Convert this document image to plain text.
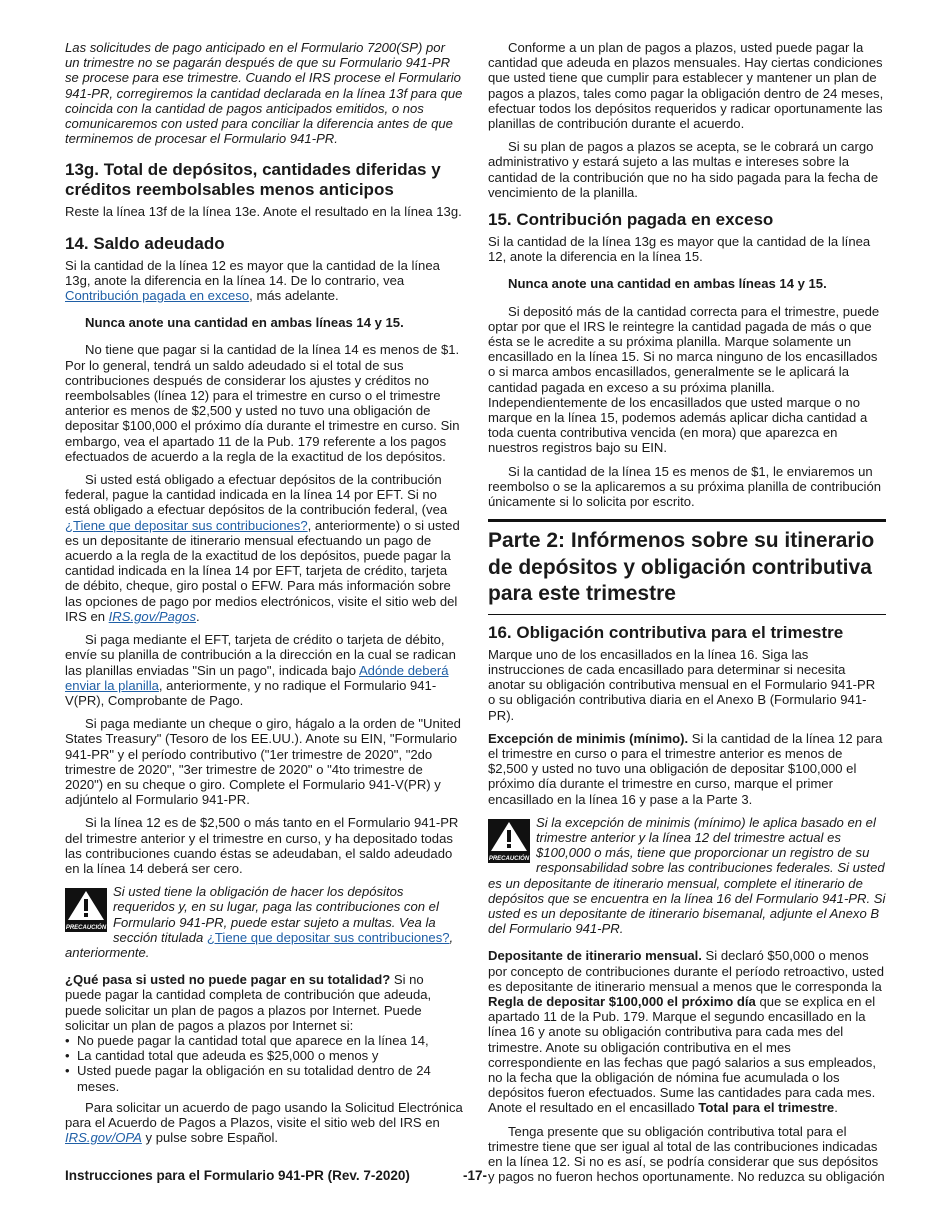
Las solicitudes de pago anticipado en el Formulario 7200(SP) por un trimestre no se pagarán después de que su Formulario 941-PR se procese para ese trimestre. Cuando el IRS procese el Formulario 941-PR, corregiremos la cantidad declarada en la línea 13f para que coincida con la cantidad de pagos anticipados emitidos, o nos comunicaremos con usted para conciliar la diferencia antes de que terminemos de procesar el Formulario 941-PR.

13g. Total de depósitos, cantidades diferidas y créditos reembolsables menos anticipos

Reste la línea 13f de la línea 13e. Anote el resultado en la línea 13g.

14. Saldo adeudado

Si la cantidad de la línea 12 es mayor que la cantidad de la línea 13g, anote la diferencia en la línea 14. De lo contrario, vea Contribución pagada en exceso, más adelante.

Nunca anote una cantidad en ambas líneas 14 y 15.

No tiene que pagar si la cantidad de la línea 14 es menos de $1. Por lo general, tendrá un saldo adeudado si el total de sus contribuciones después de considerar los ajustes y créditos no reembolsables (línea 12) para el trimestre en curso o el trimestre anterior es menos de $2,500 y usted no tuvo una obligación de depositar $100,000 el próximo día durante el trimestre en curso. Sin embargo, vea el apartado 11 de la Pub. 179 referente a los pagos efectuados de acuerdo a la regla de la exactitud de los depósitos.

Si usted está obligado a efectuar depósitos de la contribución federal, pague la cantidad indicada en la línea 14 por EFT. Si no está obligado a efectuar depósitos de la contribución federal, (vea ¿Tiene que depositar sus contribuciones?, anteriormente) o si usted es un depositante de itinerario mensual efectuando un pago de acuerdo a la regla de la exactitud de los depósitos, puede pagar la cantidad indicada en la línea 14 por EFT, tarjeta de crédito, tarjeta de débito, cheque, giro postal o EFW. Para más información sobre las opciones de pago por medios electrónicos, visite el sitio web del IRS en IRS.gov/Pagos.

Si paga mediante el EFT, tarjeta de crédito o tarjeta de débito, envíe su planilla de contribución a la dirección en la cual se radican las planillas enviadas "Sin un pago", indicada bajo Adónde deberá enviar la planilla, anteriormente, y no radique el Formulario 941-V(PR), Comprobante de Pago.

Si paga mediante un cheque o giro, hágalo a la orden de "United States Treasury" (Tesoro de los EE.UU.). Anote su EIN, "Formulario 941-PR" y el período contributivo ("1er trimestre de 2020", "2do trimestre de 2020", "3er trimestre de 2020" o "4to trimestre de 2020") en su cheque o giro. Complete el Formulario 941-V(PR) y adjúntelo al Formulario 941-PR.

Si la línea 12 es de $2,500 o más tanto en el Formulario 941-PR del trimestre anterior y el trimestre en curso, y ha depositado todas las contribuciones cuando éstas se adeudaban, el saldo adeudado en la línea 14 deberá ser cero.

PRECAUCIÓN
Si usted tiene la obligación de hacer los depósitos requeridos y, en su lugar, paga las contribuciones con el Formulario 941-PR, puede estar sujeto a multas. Vea la sección titulada ¿Tiene que depositar sus contribuciones?, anteriormente.

¿Qué pasa si usted no puede pagar en su totalidad? Si no puede pagar la cantidad completa de contribución que adeuda, puede solicitar un plan de pagos a plazos por Internet. Puede solicitar un plan de pagos a plazos por Internet si:

• No puede pagar la cantidad total que aparece en la línea 14,
• La cantidad total que adeuda es $25,000 o menos y
• Usted puede pagar la obligación en su totalidad dentro de 24 meses.

Para solicitar un acuerdo de pago usando la Solicitud Electrónica para el Acuerdo de Pagos a Plazos, visite el sitio web del IRS en IRS.gov/OPA y pulse sobre Español.

Conforme a un plan de pagos a plazos, usted puede pagar la cantidad que adeuda en plazos mensuales. Hay ciertas condiciones que usted tiene que cumplir para establecer y mantener un plan de pagos a plazos, tales como pagar la obligación dentro de 24 meses, efectuar todos los depósitos requeridos y radicar oportunamente las planillas de contribución durante el acuerdo.

Si su plan de pagos a plazos se acepta, se le cobrará un cargo administrativo y estará sujeto a las multas e intereses sobre la cantidad de la contribución que no ha sido pagada para la fecha de vencimiento de la planilla.

15. Contribución pagada en exceso

Si la cantidad de la línea 13g es mayor que la cantidad de la línea 12, anote la diferencia en la línea 15.

Nunca anote una cantidad en ambas líneas 14 y 15.

Si depositó más de la cantidad correcta para el trimestre, puede optar por que el IRS le reintegre la cantidad pagada de más o que ésta se le acredite a su próxima planilla. Marque solamente un encasillado en la línea 15. Si no marca ninguno de los encasillados o si marca ambos encasillados, generalmente se le aplicará la cantidad pagada en exceso a su próxima planilla. Independientemente de los encasillados que usted marque o no marque en la línea 15, podemos además aplicar dicha cantidad a toda cuenta contributiva vencida (en mora) que aparezca en nuestros registros bajo su EIN.

Si la cantidad de la línea 15 es menos de $1, le enviaremos un reembolso o se la aplicaremos a su próxima planilla de contribución únicamente si lo solicita por escrito.

Parte 2: Infórmenos sobre su itinerario de depósitos y obligación contributiva para este trimestre
16. Obligación contributiva para el trimestre

Marque uno de los encasillados en la línea 16. Siga las instrucciones de cada encasillado para determinar si necesita anotar su obligación contributiva mensual en el Formulario 941-PR o su obligación contributiva diaria en el Anexo B (Formulario 941-PR).

Excepción de minimis (mínimo). Si la cantidad de la línea 12 para el trimestre en curso o para el trimestre anterior es menos de $2,500 y usted no tuvo una obligación de depositar $100,000 el próximo día durante el trimestre en curso, marque el primer encasillado en la línea 16 y pase a la Parte 3.

PRECAUCIÓN
Si la excepción de minimis (mínimo) le aplica basado en el trimestre anterior y la línea 12 del trimestre actual es $100,000 o más, tiene que proporcionar un registro de su responsabilidad sobre las contribuciones federales. Si usted es un depositante de itinerario mensual, complete el itinerario de depósitos que se encuentra en la línea 16 del Formulario 941-PR. Si usted es un depositante de itinerario bisemanal, adjunte el Anexo B del Formulario 941-PR.

Depositante de itinerario mensual. Si declaró $50,000 o menos por concepto de contribuciones durante el período retroactivo, usted es depositante de itinerario mensual a menos que le corresponda la Regla de depositar $100,000 el próximo día que se explica en el apartado 11 de la Pub. 179. Marque el segundo encasillado en la línea 16 y anote su obligación contributiva para cada mes del trimestre. Anote su obligación contributiva en el mes correspondiente en las fechas que pagó salarios a sus empleados, no la fecha que la obligación de nómina fue acumulada o los depósitos fueron efectuados. Sume las cantidades para cada mes. Anote el resultado en el encasillado Total para el trimestre.

Tenga presente que su obligación contributiva total para el trimestre tiene que ser igual al total de las contribuciones indicadas en la línea 12. Si no es así, se podría considerar que sus depósitos y pagos no fueron hechos oportunamente. No reduzca su obligación

Instrucciones para el Formulario 941-PR (Rev. 7-2020)	-17-
